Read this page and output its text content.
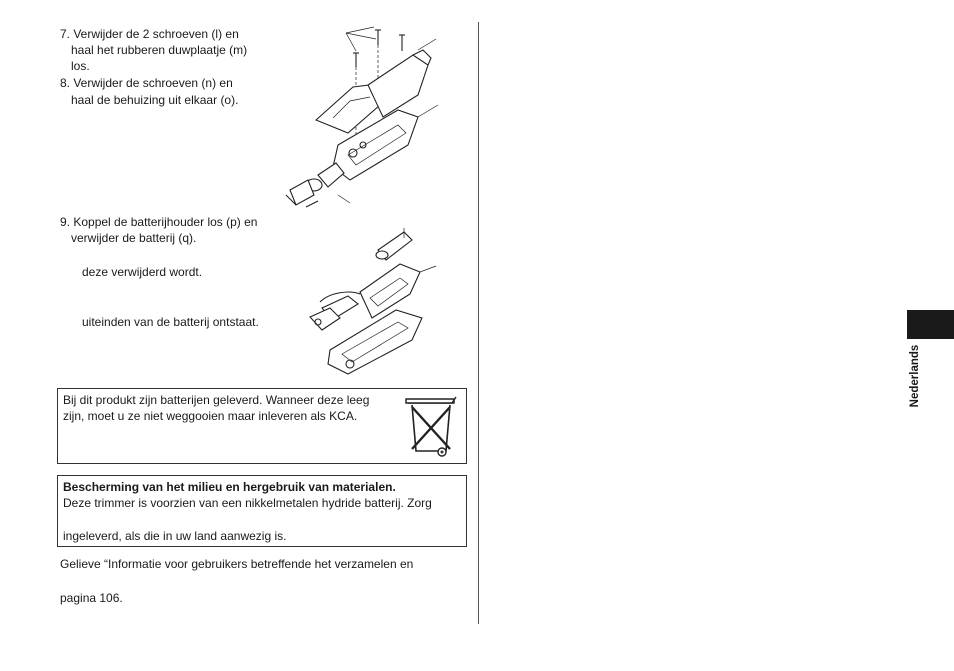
7. Verwijder de 2 schroeven (l) en
haal het rubberen duwplaatje (m)
los.
8. Verwijder de schroeven (n) en
haal de behuizing uit elkaar (o).
9. Koppel de batterijhouder los (p) en
verwijder de batterij (q).
deze verwijderd wordt.
uiteinden van de batterij ontstaat.
Bij dit produkt zijn batterijen geleverd. Wanneer deze leeg
zijn, moet u ze niet weggooien maar inleveren als KCA.
Bescherming van het milieu en hergebruik van materialen.
Deze trimmer is voorzien van een nikkelmetalen hydride batterij. Zorg
ingeleverd, als die in uw land aanwezig is.
Gelieve “Informatie voor gebruikers betreffende het verzamelen en
pagina 106.
Nederlands
